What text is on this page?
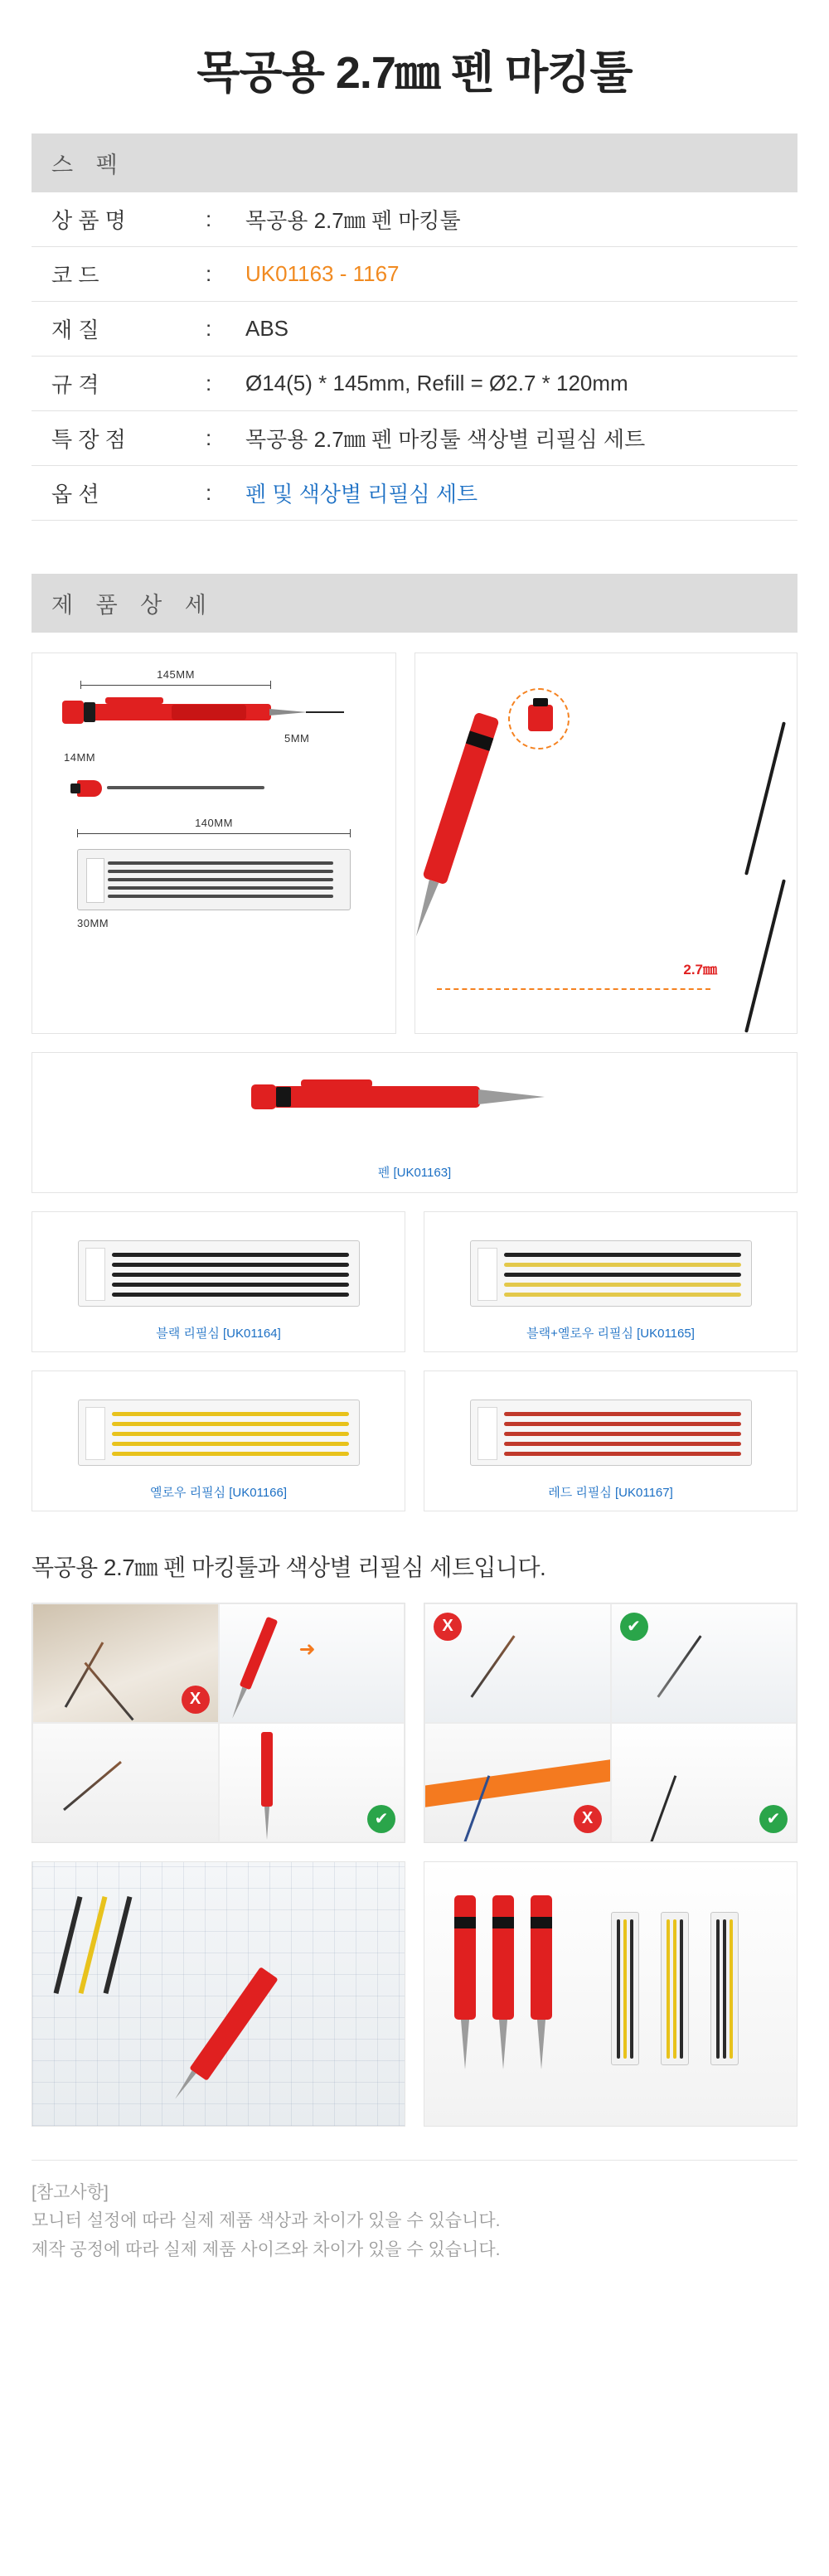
목공용 2.7㎜ 펜 마킹툴
스 펙
상 품 명	:	목공용 2.7㎜ 펜 마킹툴
코 드	:	UK01163 - 1167
재 질	:	ABS
규 격	:	Ø14(5) * 145mm, Refill = Ø2.7 * 120mm
특 장 점	:	목공용 2.7㎜ 펜 마킹툴 색상별 리필심 세트
옵 션	:	펜 및 색상별 리필심 세트
제 품 상 세
145MM
5MM
14MM
140MM
30MM
2.7㎜
펜 [UK01163]
블랙 리필심 [UK01164]	블랙+옐로우 리필심 [UK01165]
옐로우 리필심 [UK01166]	레드 리필심 [UK01167]
목공용 2.7㎜ 펜 마킹툴과 색상별 리필심 세트입니다.
X
➜
✔
X	✔
X	✔
[참고사항]
모니터 설정에 따라 실제 제품 색상과 차이가 있을 수 있습니다.
제작 공정에 따라 실제 제품 사이즈와 차이가 있을 수 있습니다.
